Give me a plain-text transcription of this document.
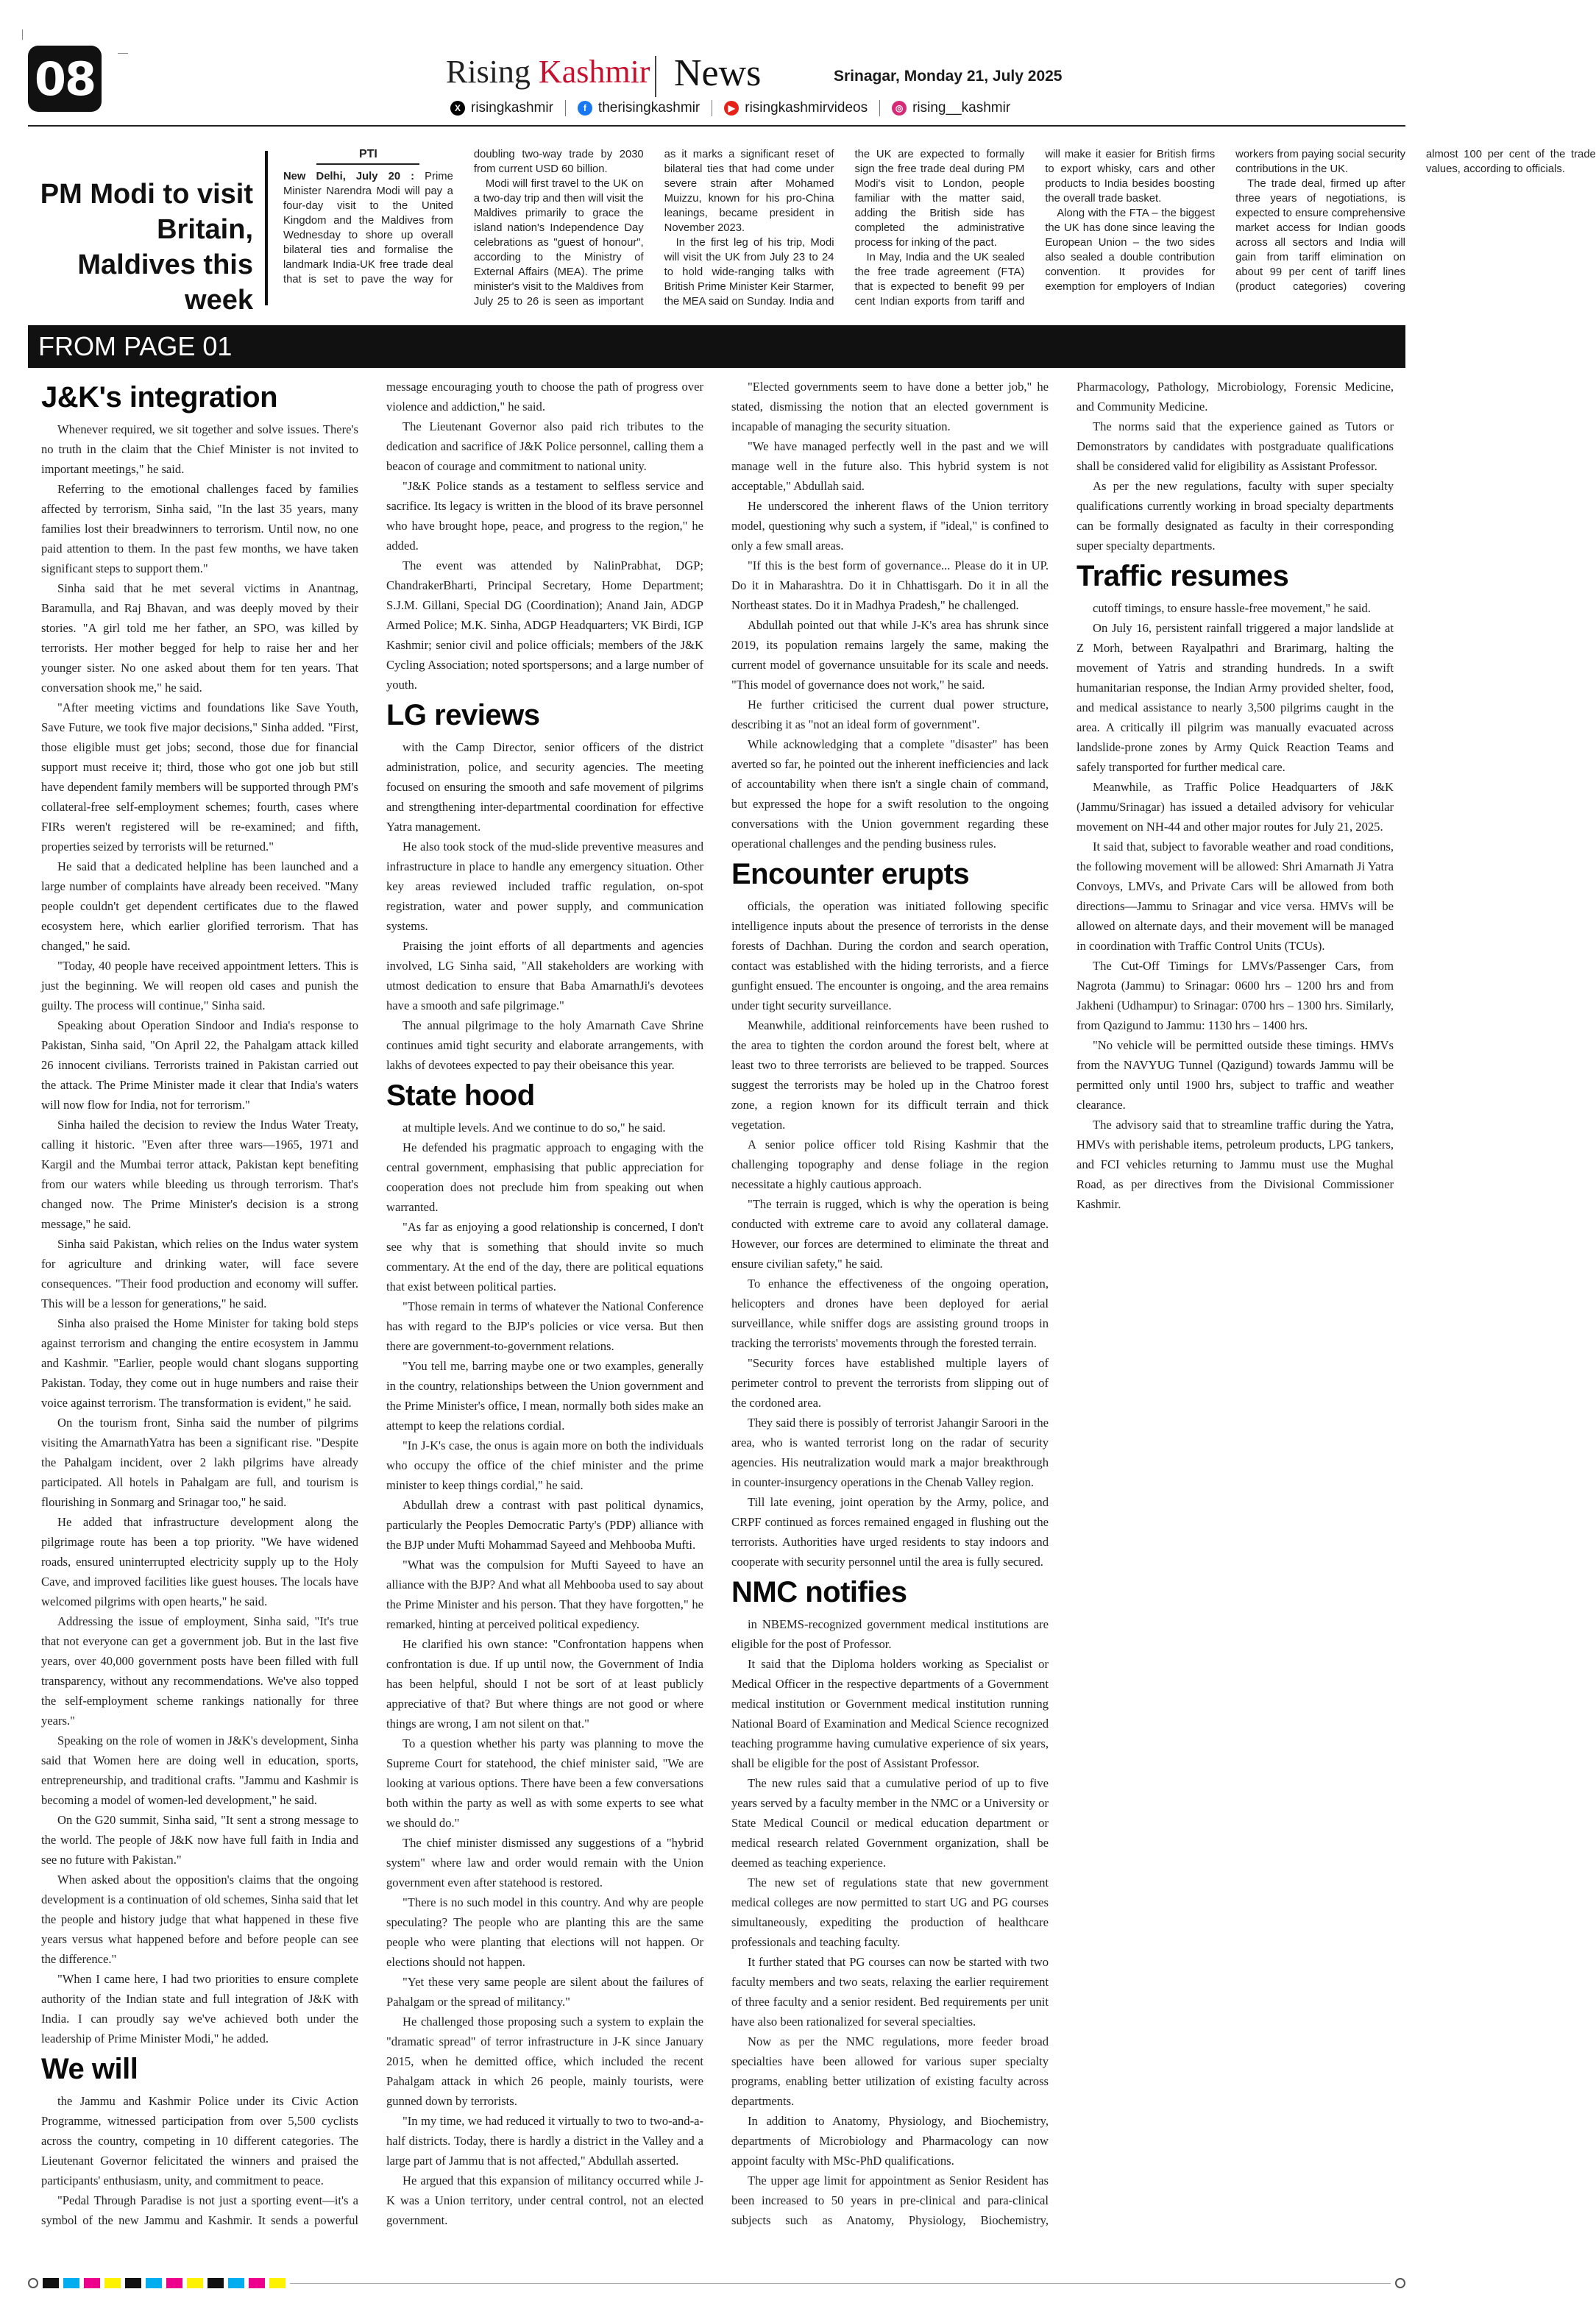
08	Rising Kashmir News	Srinagar, Monday 21, July 2025
X risingkashmir	f therisingkashmir	▶ risingkashmirvideos	◎ rising__kashmir
PM Modi to visit Britain, Maldives this week
PTI

New Delhi, July 20 : Prime Minister Narendra Modi will pay a four-day visit to the United Kingdom and the Maldives from Wednesday to shore up overall bilateral ties and formalise the landmark India-UK free trade deal that is set to pave the way for doubling two-way trade by 2030 from current USD 60 billion.

Modi will first travel to the UK on a two-day trip and then will visit the Maldives primarily to grace the island nation's Independence Day celebrations as "guest of honour", according to the Ministry of External Affairs (MEA). The prime minister's visit to the Maldives from July 25 to 26 is seen as important as it marks a significant reset of bilateral ties that had come under severe strain after Mohamed Muizzu, known for his pro-China leanings, became president in November 2023.

In the first leg of his trip, Modi will visit the UK from July 23 to 24 to hold wide-ranging talks with British Prime Minister Keir Starmer, the MEA said on Sunday. India and the UK are expected to formally sign the free trade deal during PM Modi's visit to London, people familiar with the matter said, adding the British side has completed the administrative process for inking of the pact.

In May, India and the UK sealed the free trade agreement (FTA) that is expected to benefit 99 per cent Indian exports from tariff and will make it easier for British firms to export whisky, cars and other products to India besides boosting the overall trade basket.

Along with the FTA – the biggest the UK has done since leaving the European Union – the two sides also sealed a double contribution convention. It provides for exemption for employers of Indian workers from paying social security contributions in the UK.

The trade deal, firmed up after three years of negotiations, is expected to ensure comprehensive market access for Indian goods across all sectors and India will gain from tariff elimination on about 99 per cent of tariff lines (product categories) covering almost 100 per cent of the trade values, according to officials.

FROM PAGE 01
J&K's integration

Whenever required, we sit together and solve issues. There's no truth in the claim that the Chief Minister is not invited to important meetings," he said.

Referring to the emotional challenges faced by families affected by terrorism, Sinha said, "In the last 35 years, many families lost their breadwinners to terrorism. Until now, no one paid attention to them. In the past few months, we have taken significant steps to support them."

Sinha said that he met several victims in Anantnag, Baramulla, and Raj Bhavan, and was deeply moved by their stories. "A girl told me her father, an SPO, was killed by terrorists. Her mother begged for help to raise her and her younger sister. No one asked about them for ten years. That conversation shook me," he said.

"After meeting victims and foundations like Save Youth, Save Future, we took five major decisions," Sinha added. "First, those eligible must get jobs; second, those due for financial support must receive it; third, those who got one job but still have dependent family members will be supported through PM's collateral-free self-employment schemes; fourth, cases where FIRs weren't registered will be re-examined; and fifth, properties seized by terrorists will be returned."

He said that a dedicated helpline has been launched and a large number of complaints have already been received. "Many people couldn't get dependent certificates due to the flawed ecosystem here, which earlier glorified terrorism. That has changed," he said.

"Today, 40 people have received appointment letters. This is just the beginning. We will reopen old cases and punish the guilty. The process will continue," Sinha said.

Speaking about Operation Sindoor and India's response to Pakistan, Sinha said, "On April 22, the Pahalgam attack killed 26 innocent civilians. Terrorists trained in Pakistan carried out the attack. The Prime Minister made it clear that India's waters will now flow for India, not for terrorism."

Sinha hailed the decision to review the Indus Water Treaty, calling it historic. "Even after three wars—1965, 1971 and Kargil and the Mumbai terror attack, Pakistan kept benefiting from our waters while bleeding us through terrorism. That's changed now. The Prime Minister's decision is a strong message," he said.

Sinha said Pakistan, which relies on the Indus water system for agriculture and drinking water, will face severe consequences. "Their food production and economy will suffer. This will be a lesson for generations," he said.

Sinha also praised the Home Minister for taking bold steps against terrorism and changing the entire ecosystem in Jammu and Kashmir. "Earlier, people would chant slogans supporting Pakistan. Today, they come out in huge numbers and raise their voice against terrorism. The transformation is evident," he said.

On the tourism front, Sinha said the number of pilgrims visiting the AmarnathYatra has been a significant rise. "Despite the Pahalgam incident, over 2 lakh pilgrims have already participated. All hotels in Pahalgam are full, and tourism is flourishing in Sonmarg and Srinagar too," he said.

He added that infrastructure development along the pilgrimage route has been a top priority. "We have widened roads, ensured uninterrupted electricity supply up to the Holy Cave, and improved facilities like guest houses. The locals have welcomed pilgrims with open hearts," he said.

Addressing the issue of employment, Sinha said, "It's true that not everyone can get a government job. But in the last five years, over 40,000 government posts have been filled with full transparency, without any recommendations. We've also topped the self-employment scheme rankings nationally for three years."

Speaking on the role of women in J&K's development, Sinha said that Women here are doing well in education, sports, entrepreneurship, and traditional crafts. "Jammu and Kashmir is becoming a model of women-led development," he said.

On the G20 summit, Sinha said, "It sent a strong message to the world. The people of J&K now have full faith in India and see no future with Pakistan."

When asked about the opposition's claims that the ongoing development is a continuation of old schemes, Sinha said that let the people and history judge that what happened in these five years versus what happened before and before people can see the difference."

"When I came here, I had two priorities to ensure complete authority of the Indian state and full integration of J&K with India. I can proudly say we've achieved both under the leadership of Prime Minister Modi," he added.

We will

the Jammu and Kashmir Police under its Civic Action Programme, witnessed participation from over 5,500 cyclists across the country, competing in 10 different categories. The Lieutenant Governor felicitated the winners and praised the participants' enthusiasm, unity, and commitment to peace.

"Pedal Through Paradise is not just a sporting event—it's a symbol of the new Jammu and Kashmir. It sends a powerful message encouraging youth to choose the path of progress over violence and addiction," he said.

The Lieutenant Governor also paid rich tributes to the dedication and sacrifice of J&K Police personnel, calling them a beacon of courage and commitment to national unity.

"J&K Police stands as a testament to selfless service and sacrifice. Its legacy is written in the blood of its brave personnel who have brought hope, peace, and progress to the region," he added.

The event was attended by NalinPrabhat, DGP; ChandrakerBharti, Principal Secretary, Home Department; S.J.M. Gillani, Special DG (Coordination); Anand Jain, ADGP Armed Police; M.K. Sinha, ADGP Headquarters; VK Birdi, IGP Kashmir; senior civil and police officials; members of the J&K Cycling Association; noted sportspersons; and a large number of youth.

LG reviews

with the Camp Director, senior officers of the district administration, police, and security agencies. The meeting focused on ensuring the smooth and safe movement of pilgrims and strengthening inter-departmental coordination for effective Yatra management.

He also took stock of the mud-slide preventive measures and infrastructure in place to handle any emergency situation. Other key areas reviewed included traffic regulation, on-spot registration, water and power supply, and communication systems.

Praising the joint efforts of all departments and agencies involved, LG Sinha said, "All stakeholders are working with utmost dedication to ensure that Baba AmarnathJi's devotees have a smooth and safe pilgrimage."

The annual pilgrimage to the holy Amarnath Cave Shrine continues amid tight security and elaborate arrangements, with lakhs of devotees expected to pay their obeisance this year.

State hood

at multiple levels. And we continue to do so," he said.

He defended his pragmatic approach to engaging with the central government, emphasising that public appreciation for cooperation does not preclude him from speaking out when warranted.

"As far as enjoying a good relationship is concerned, I don't see why that is something that should invite so much commentary. At the end of the day, there are political equations that exist between political parties.

"Those remain in terms of whatever the National Conference has with regard to the BJP's policies or vice versa. But then there are government-to-government relations.

"You tell me, barring maybe one or two examples, generally in the country, relationships between the Union government and the Prime Minister's office, I mean, normally both sides make an attempt to keep the relations cordial.

"In J-K's case, the onus is again more on both the individuals who occupy the office of the chief minister and the prime minister to keep things cordial," he said.

Abdullah drew a contrast with past political dynamics, particularly the Peoples Democratic Party's (PDP) alliance with the BJP under Mufti Mohammad Sayeed and Mehbooba Mufti.

"What was the compulsion for Mufti Sayeed to have an alliance with the BJP? And what all Mehbooba used to say about the Prime Minister and his person. That they have forgotten," he remarked, hinting at perceived political expediency.

He clarified his own stance: "Confrontation happens when confrontation is due. If up until now, the Government of India has been helpful, should I not be sort of at least publicly appreciative of that? But where things are not good or where things are wrong, I am not silent on that."

To a question whether his party was planning to move the Supreme Court for statehood, the chief minister said, "We are looking at various options. There have been a few conversations both within the party as well as with some experts to see what we should do."

The chief minister dismissed any suggestions of a "hybrid system" where law and order would remain with the Union government even after statehood is restored.

"There is no such model in this country. And why are people speculating? The people who are planting this are the same people who were planting that elections will not happen. Or elections should not happen.

"Yet these very same people are silent about the failures of Pahalgam or the spread of militancy."

He challenged those proposing such a system to explain the "dramatic spread" of terror infrastructure in J-K since January 2015, when he demitted office, which included the recent Pahalgam attack in which 26 people, mainly tourists, were gunned down by terrorists.

"In my time, we had reduced it virtually to two to two-and-a-half districts. Today, there is hardly a district in the Valley and a large part of Jammu that is not affected," Abdullah asserted.

He argued that this expansion of militancy occurred while J-K was a Union territory, under central control, not an elected government.

"Elected governments seem to have done a better job," he stated, dismissing the notion that an elected government is incapable of managing the security situation.

"We have managed perfectly well in the past and we will manage well in the future also. This hybrid system is not acceptable," Abdullah said.

He underscored the inherent flaws of the Union territory model, questioning why such a system, if "ideal," is confined to only a few small areas.

"If this is the best form of governance... Please do it in UP. Do it in Maharashtra. Do it in Chhattisgarh. Do it in all the Northeast states. Do it in Madhya Pradesh," he challenged.

Abdullah pointed out that while J-K's area has shrunk since 2019, its population remains largely the same, making the current model of governance unsuitable for its scale and needs. "This model of governance does not work," he said.

He further criticised the current dual power structure, describing it as "not an ideal form of government".

While acknowledging that a complete "disaster" has been averted so far, he pointed out the inherent inefficiencies and lack of accountability when there isn't a single chain of command, but expressed the hope for a swift resolution to the ongoing conversations with the Union government regarding these operational challenges and the pending business rules.

Encounter erupts

officials, the operation was initiated following specific intelligence inputs about the presence of terrorists in the dense forests of Dachhan. During the cordon and search operation, contact was established with the hiding terrorists, and a fierce gunfight ensued. The encounter is ongoing, and the area remains under tight security surveillance.

Meanwhile, additional reinforcements have been rushed to the area to tighten the cordon around the forest belt, where at least two to three terrorists are believed to be trapped. Sources suggest the terrorists may be holed up in the Chatroo forest zone, a region known for its difficult terrain and thick vegetation.

A senior police officer told Rising Kashmir that the challenging topography and dense foliage in the region necessitate a highly cautious approach.

"The terrain is rugged, which is why the operation is being conducted with extreme care to avoid any collateral damage. However, our forces are determined to eliminate the threat and ensure civilian safety," he said.

To enhance the effectiveness of the ongoing operation, helicopters and drones have been deployed for aerial surveillance, while sniffer dogs are assisting ground troops in tracking the terrorists' movements through the forested terrain.

"Security forces have established multiple layers of perimeter control to prevent the terrorists from slipping out of the cordoned area.

They said there is possibly of terrorist Jahangir Saroori in the area, who is wanted terrorist long on the radar of security agencies. His neutralization would mark a major breakthrough in counter-insurgency operations in the Chenab Valley region.

Till late evening, joint operation by the Army, police, and CRPF continued as forces remained engaged in flushing out the terrorists. Authorities have urged residents to stay indoors and cooperate with security personnel until the area is fully secured.

NMC notifies

in NBEMS-recognized government medical institutions are eligible for the post of Professor.

It said that the Diploma holders working as Specialist or Medical Officer in the respective departments of a Government medical institution or Government medical institution running National Board of Examination and Medical Science recognized teaching programme having cumulative experience of six years, shall be eligible for the post of Assistant Professor.

The new rules said that a cumulative period of up to five years served by a faculty member in the NMC or a University or State Medical Council or medical education department or medical research related Government organization, shall be deemed as teaching experience.

The new set of regulations state that new government medical colleges are now permitted to start UG and PG courses simultaneously, expediting the production of healthcare professionals and teaching faculty.

It further stated that PG courses can now be started with two faculty members and two seats, relaxing the earlier requirement of three faculty and a senior resident. Bed requirements per unit have also been rationalized for several specialties.

Now as per the NMC regulations, more feeder broad specialties have been allowed for various super specialty programs, enabling better utilization of existing faculty across departments.

In addition to Anatomy, Physiology, and Biochemistry, departments of Microbiology and Pharmacology can now appoint faculty with MSc-PhD qualifications.

The upper age limit for appointment as Senior Resident has been increased to 50 years in pre-clinical and para-clinical subjects such as Anatomy, Physiology, Biochemistry, Pharmacology, Pathology, Microbiology, Forensic Medicine, and Community Medicine.

The norms said that the experience gained as Tutors or Demonstrators by candidates with postgraduate qualifications shall be considered valid for eligibility as Assistant Professor.

As per the new regulations, faculty with super specialty qualifications currently working in broad specialty departments can be formally designated as faculty in their corresponding super specialty departments.

Traffic resumes

cutoff timings, to ensure hassle-free movement," he said.

On July 16, persistent rainfall triggered a major landslide at Z Morh, between Rayalpathri and Brarimarg, halting the movement of Yatris and stranding hundreds. In a swift humanitarian response, the Indian Army provided shelter, food, and medical assistance to nearly 3,500 pilgrims caught in the area. A critically ill pilgrim was manually evacuated across landslide-prone zones by Army Quick Reaction Teams and safely transported for further medical care.

Meanwhile, as Traffic Police Headquarters of J&K (Jammu/Srinagar) has issued a detailed advisory for vehicular movement on NH-44 and other major routes for July 21, 2025.

It said that, subject to favorable weather and road conditions, the following movement will be allowed: Shri Amarnath Ji Yatra Convoys, LMVs, and Private Cars will be allowed from both directions—Jammu to Srinagar and vice versa. HMVs will be allowed on alternate days, and their movement will be managed in coordination with Traffic Control Units (TCUs).

The Cut-Off Timings for LMVs/Passenger Cars, from Nagrota (Jammu) to Srinagar: 0600 hrs – 1200 hrs and from Jakheni (Udhampur) to Srinagar: 0700 hrs – 1300 hrs. Similarly, from Qazigund to Jammu: 1130 hrs – 1400 hrs.

"No vehicle will be permitted outside these timings. HMVs from the NAVYUG Tunnel (Qazigund) towards Jammu will be permitted only until 1900 hrs, subject to traffic and weather clearance.

The advisory said that to streamline traffic during the Yatra, HMVs with perishable items, petroleum products, LPG tankers, and FCI vehicles returning to Jammu must use the Mughal Road, as per directives from the Divisional Commissioner Kashmir.
